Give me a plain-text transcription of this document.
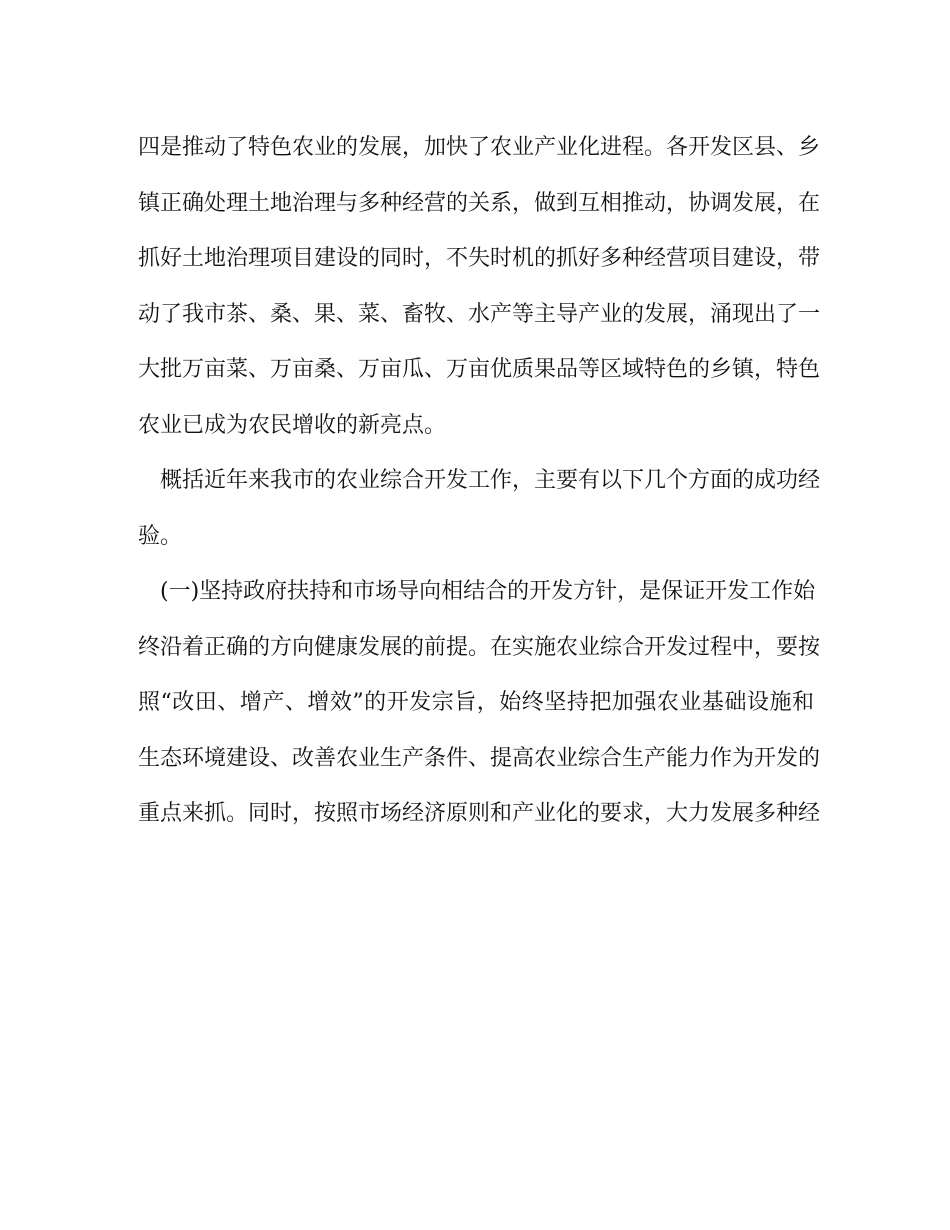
四是推动了特色农业的发展，加快了农业产业化进程。各开发区县、乡
镇正确处理土地治理与多种经营的关系，做到互相推动，协调发展，在
抓好土地治理项目建设的同时，不失时机的抓好多种经营项目建设，带
动了我市茶、桑、果、菜、畜牧、水产等主导产业的发展，涌现出了一
大批万亩菜、万亩桑、万亩瓜、万亩优质果品等区域特色的乡镇，特色
农业已成为农民增收的新亮点。
概括近年来我市的农业综合开发工作，主要有以下几个方面的成功经
验。
(一)坚持政府扶持和市场导向相结合的开发方针，是保证开发工作始
终沿着正确的方向健康发展的前提。在实施农业综合开发过程中，要按
照“改田、增产、增效”的开发宗旨，始终坚持把加强农业基础设施和
生态环境建设、改善农业生产条件、提高农业综合生产能力作为开发的
重点来抓。同时，按照市场经济原则和产业化的要求，大力发展多种经
